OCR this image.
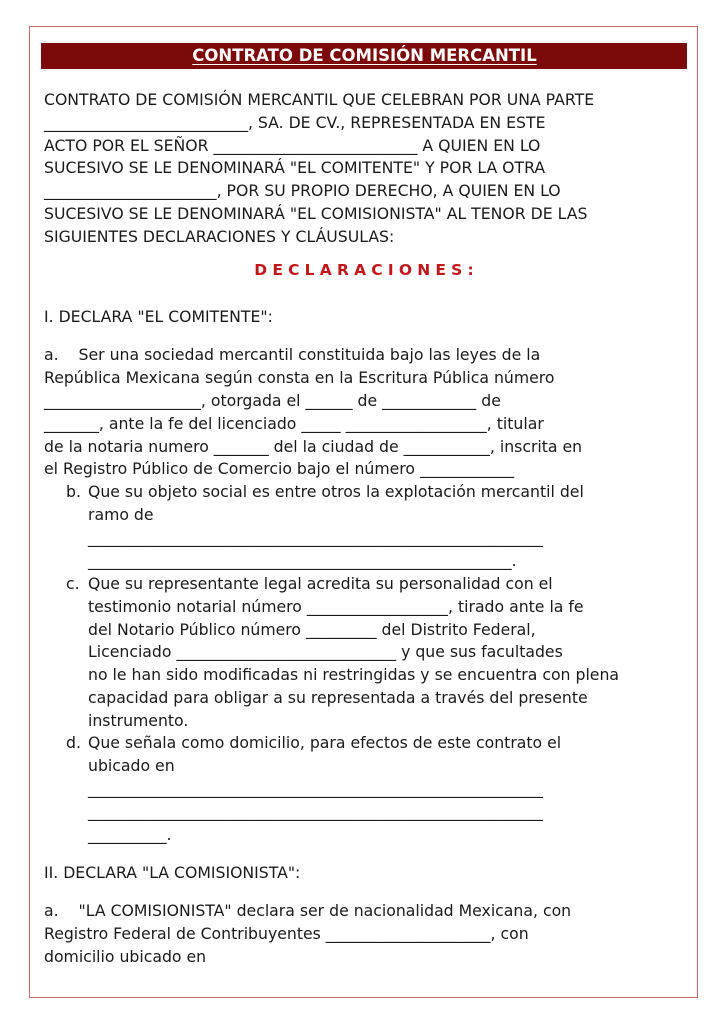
CONTRATO DE COMISIÓN MERCANTIL

CONTRATO DE COMISIÓN MERCANTIL QUE CELEBRAN POR UNA PARTE

__________________________, SA. DE CV., REPRESENTADA EN ESTE

ACTO POR EL SEÑOR __________________________ A QUIEN EN LO

SUCESIVO SE LE DENOMINARÁ "EL COMITENTE" Y POR LA OTRA

______________________, POR SU PROPIO DERECHO, A QUIEN EN LO

SUCESIVO SE LE DENOMINARÁ "EL COMISIONISTA" AL TENOR DE LAS

SIGUIENTES DECLARACIONES Y CLÁUSULAS:

DECLARACIONES:

I. DECLARA "EL COMITENTE":

a.    Ser una sociedad mercantil constituida bajo las leyes de la

República Mexicana según consta en la Escritura Pública número

____________________, otorgada el ______ de ____________ de

_______, ante la fe del licenciado _____ __________________, titular

de la notaria numero _______ del la ciudad de ___________, inscrita en

el Registro Público de Comercio bajo el número ____________

b. Que su objeto social es entre otros la explotación mercantil del

ramo de

__________________________________________________________

______________________________________________________.

c. Que su representante legal acredita su personalidad con el

testimonio notarial número __________________, tirado ante la fe

del Notario Público número _________ del Distrito Federal,

Licenciado ____________________________ y que sus facultades

no le han sido modificadas ni restringidas y se encuentra con plena

capacidad para obligar a su representada a través del presente

instrumento.

d. Que señala como domicilio, para efectos de este contrato el

ubicado en

__________________________________________________________

__________________________________________________________

__________.

II. DECLARA "LA COMISIONISTA":

a.    "LA COMISIONISTA" declara ser de nacionalidad Mexicana, con

Registro Federal de Contribuyentes _____________________, con

domicilio ubicado en
